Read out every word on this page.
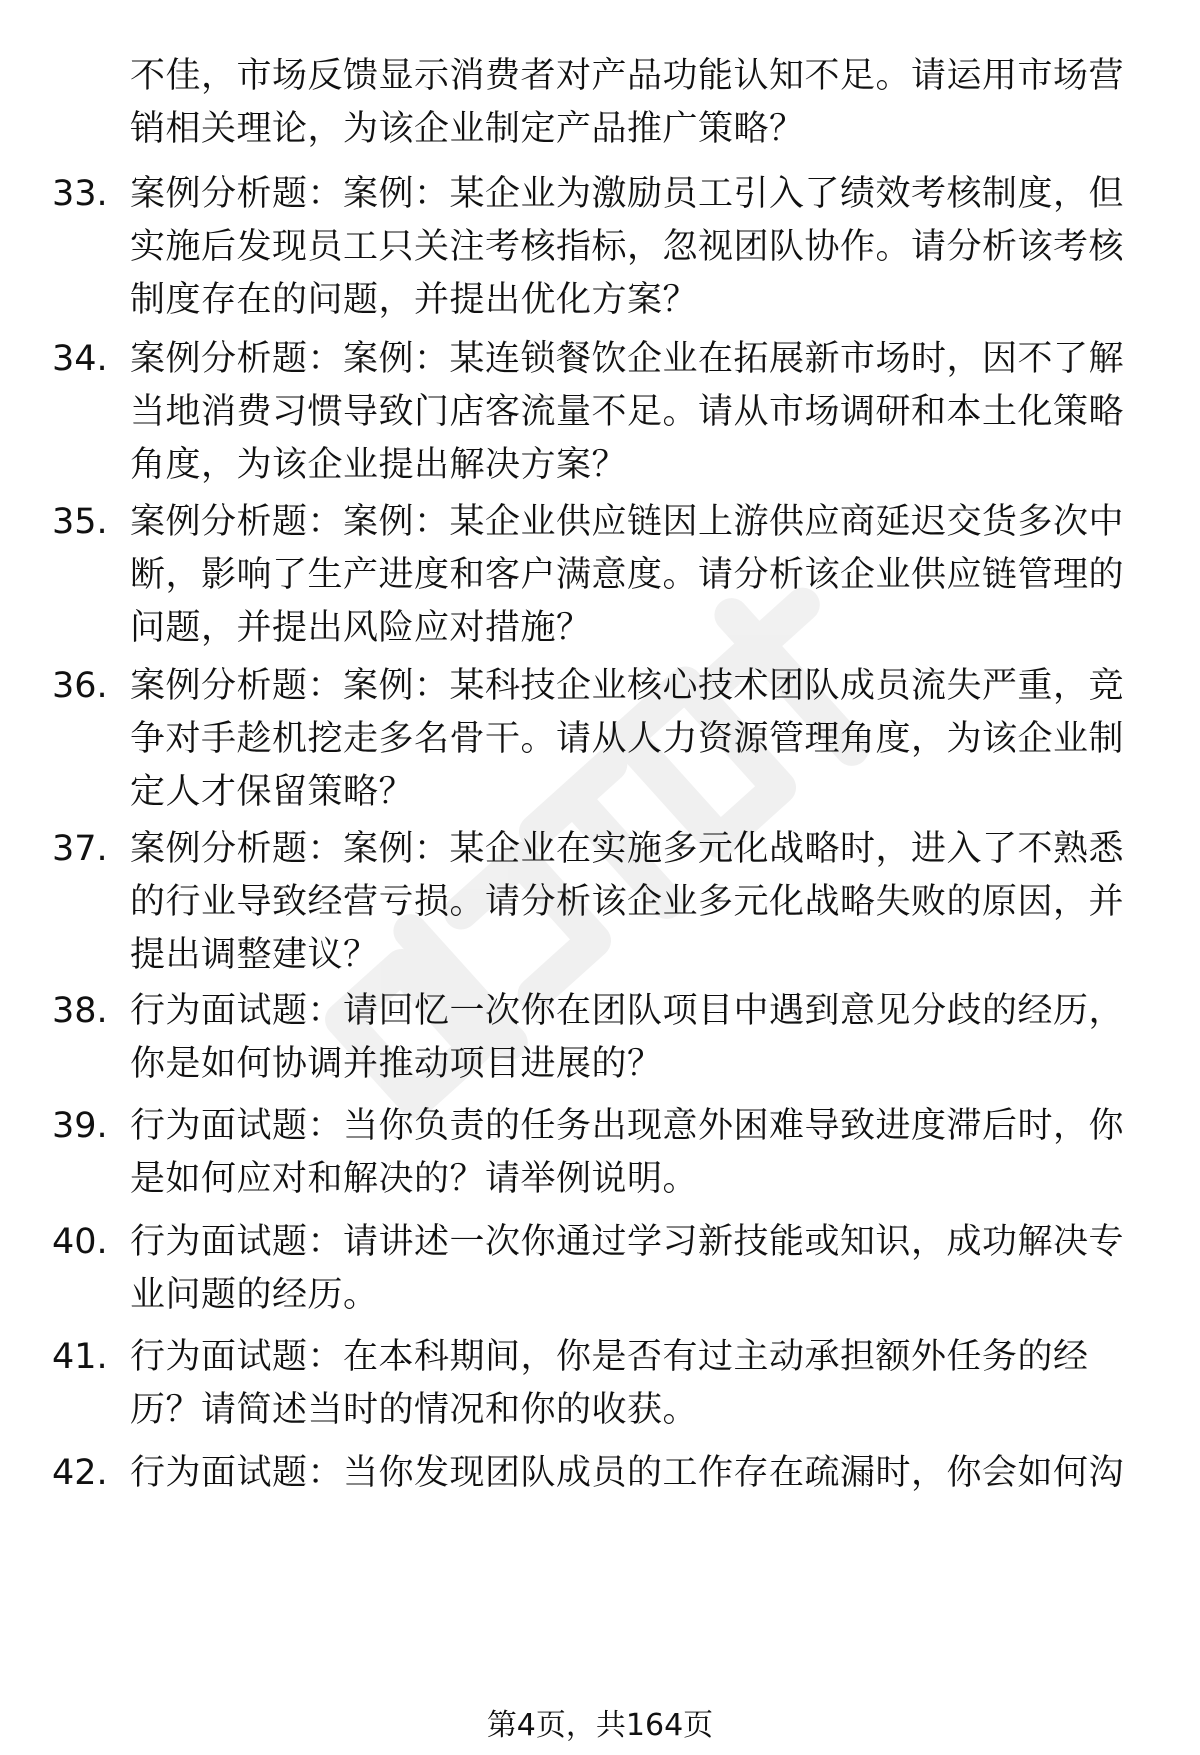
不佳，市场反馈显示消费者对产品功能认知不足。请运用市场营销相关理论，为该企业制定产品推广策略？
33. 案例分析题：案例：某企业为激励员工引入了绩效考核制度，但实施后发现员工只关注考核指标，忽视团队协作。请分析该考核制度存在的问题，并提出优化方案？
34. 案例分析题：案例：某连锁餐饮企业在拓展新市场时，因不了解当地消费习惯导致门店客流量不足。请从市场调研和本土化策略角度，为该企业提出解决方案？
35. 案例分析题：案例：某企业供应链因上游供应商延迟交货多次中断，影响了生产进度和客户满意度。请分析该企业供应链管理的问题，并提出风险应对措施？
36. 案例分析题：案例：某科技企业核心技术团队成员流失严重，竞争对手趁机挖走多名骨干。请从人力资源管理角度，为该企业制定人才保留策略？
37. 案例分析题：案例：某企业在实施多元化战略时，进入了不熟悉的行业导致经营亏损。请分析该企业多元化战略失败的原因，并提出调整建议？
38. 行为面试题：请回忆一次你在团队项目中遇到意见分歧的经历，你是如何协调并推动项目进展的？
39. 行为面试题：当你负责的任务出现意外困难导致进度滞后时，你是如何应对和解决的？请举例说明。
40. 行为面试题：请讲述一次你通过学习新技能或知识，成功解决专业问题的经历。
41. 行为面试题：在本科期间，你是否有过主动承担额外任务的经历？请简述当时的情况和你的收获。
42. 行为面试题：当你发现团队成员的工作存在疏漏时，你会如何沟
第4页，共164页
